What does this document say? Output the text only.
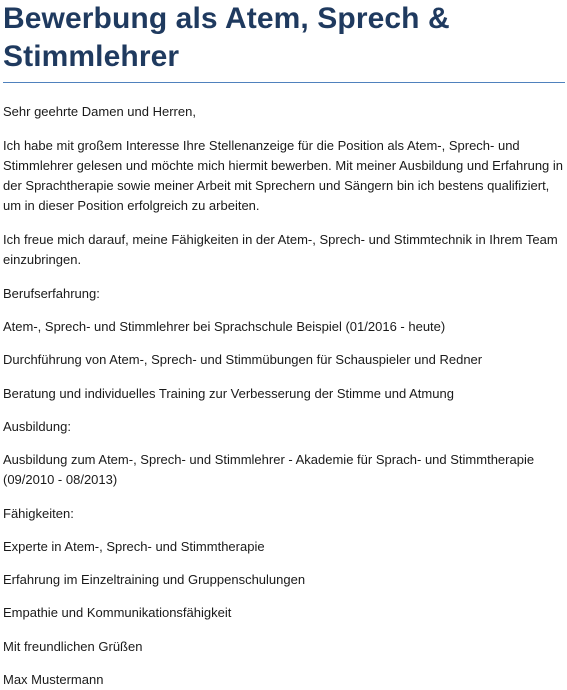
Bewerbung als Atem, Sprech & Stimmlehrer

Sehr geehrte Damen und Herren,

Ich habe mit großem Interesse Ihre Stellenanzeige für die Position als Atem-, Sprech- und Stimmlehrer gelesen und möchte mich hiermit bewerben. Mit meiner Ausbildung und Erfahrung in der Sprachtherapie sowie meiner Arbeit mit Sprechern und Sängern bin ich bestens qualifiziert, um in dieser Position erfolgreich zu arbeiten.

Ich freue mich darauf, meine Fähigkeiten in der Atem-, Sprech- und Stimmtechnik in Ihrem Team einzubringen.

Berufserfahrung:

Atem-, Sprech- und Stimmlehrer bei Sprachschule Beispiel (01/2016 - heute)

Durchführung von Atem-, Sprech- und Stimmübungen für Schauspieler und Redner

Beratung und individuelles Training zur Verbesserung der Stimme und Atmung

Ausbildung:

Ausbildung zum Atem-, Sprech- und Stimmlehrer - Akademie für Sprach- und Stimmtherapie (09/2010 - 08/2013)

Fähigkeiten:

Experte in Atem-, Sprech- und Stimmtherapie

Erfahrung im Einzeltraining und Gruppenschulungen

Empathie und Kommunikationsfähigkeit

Mit freundlichen Grüßen

Max Mustermann
